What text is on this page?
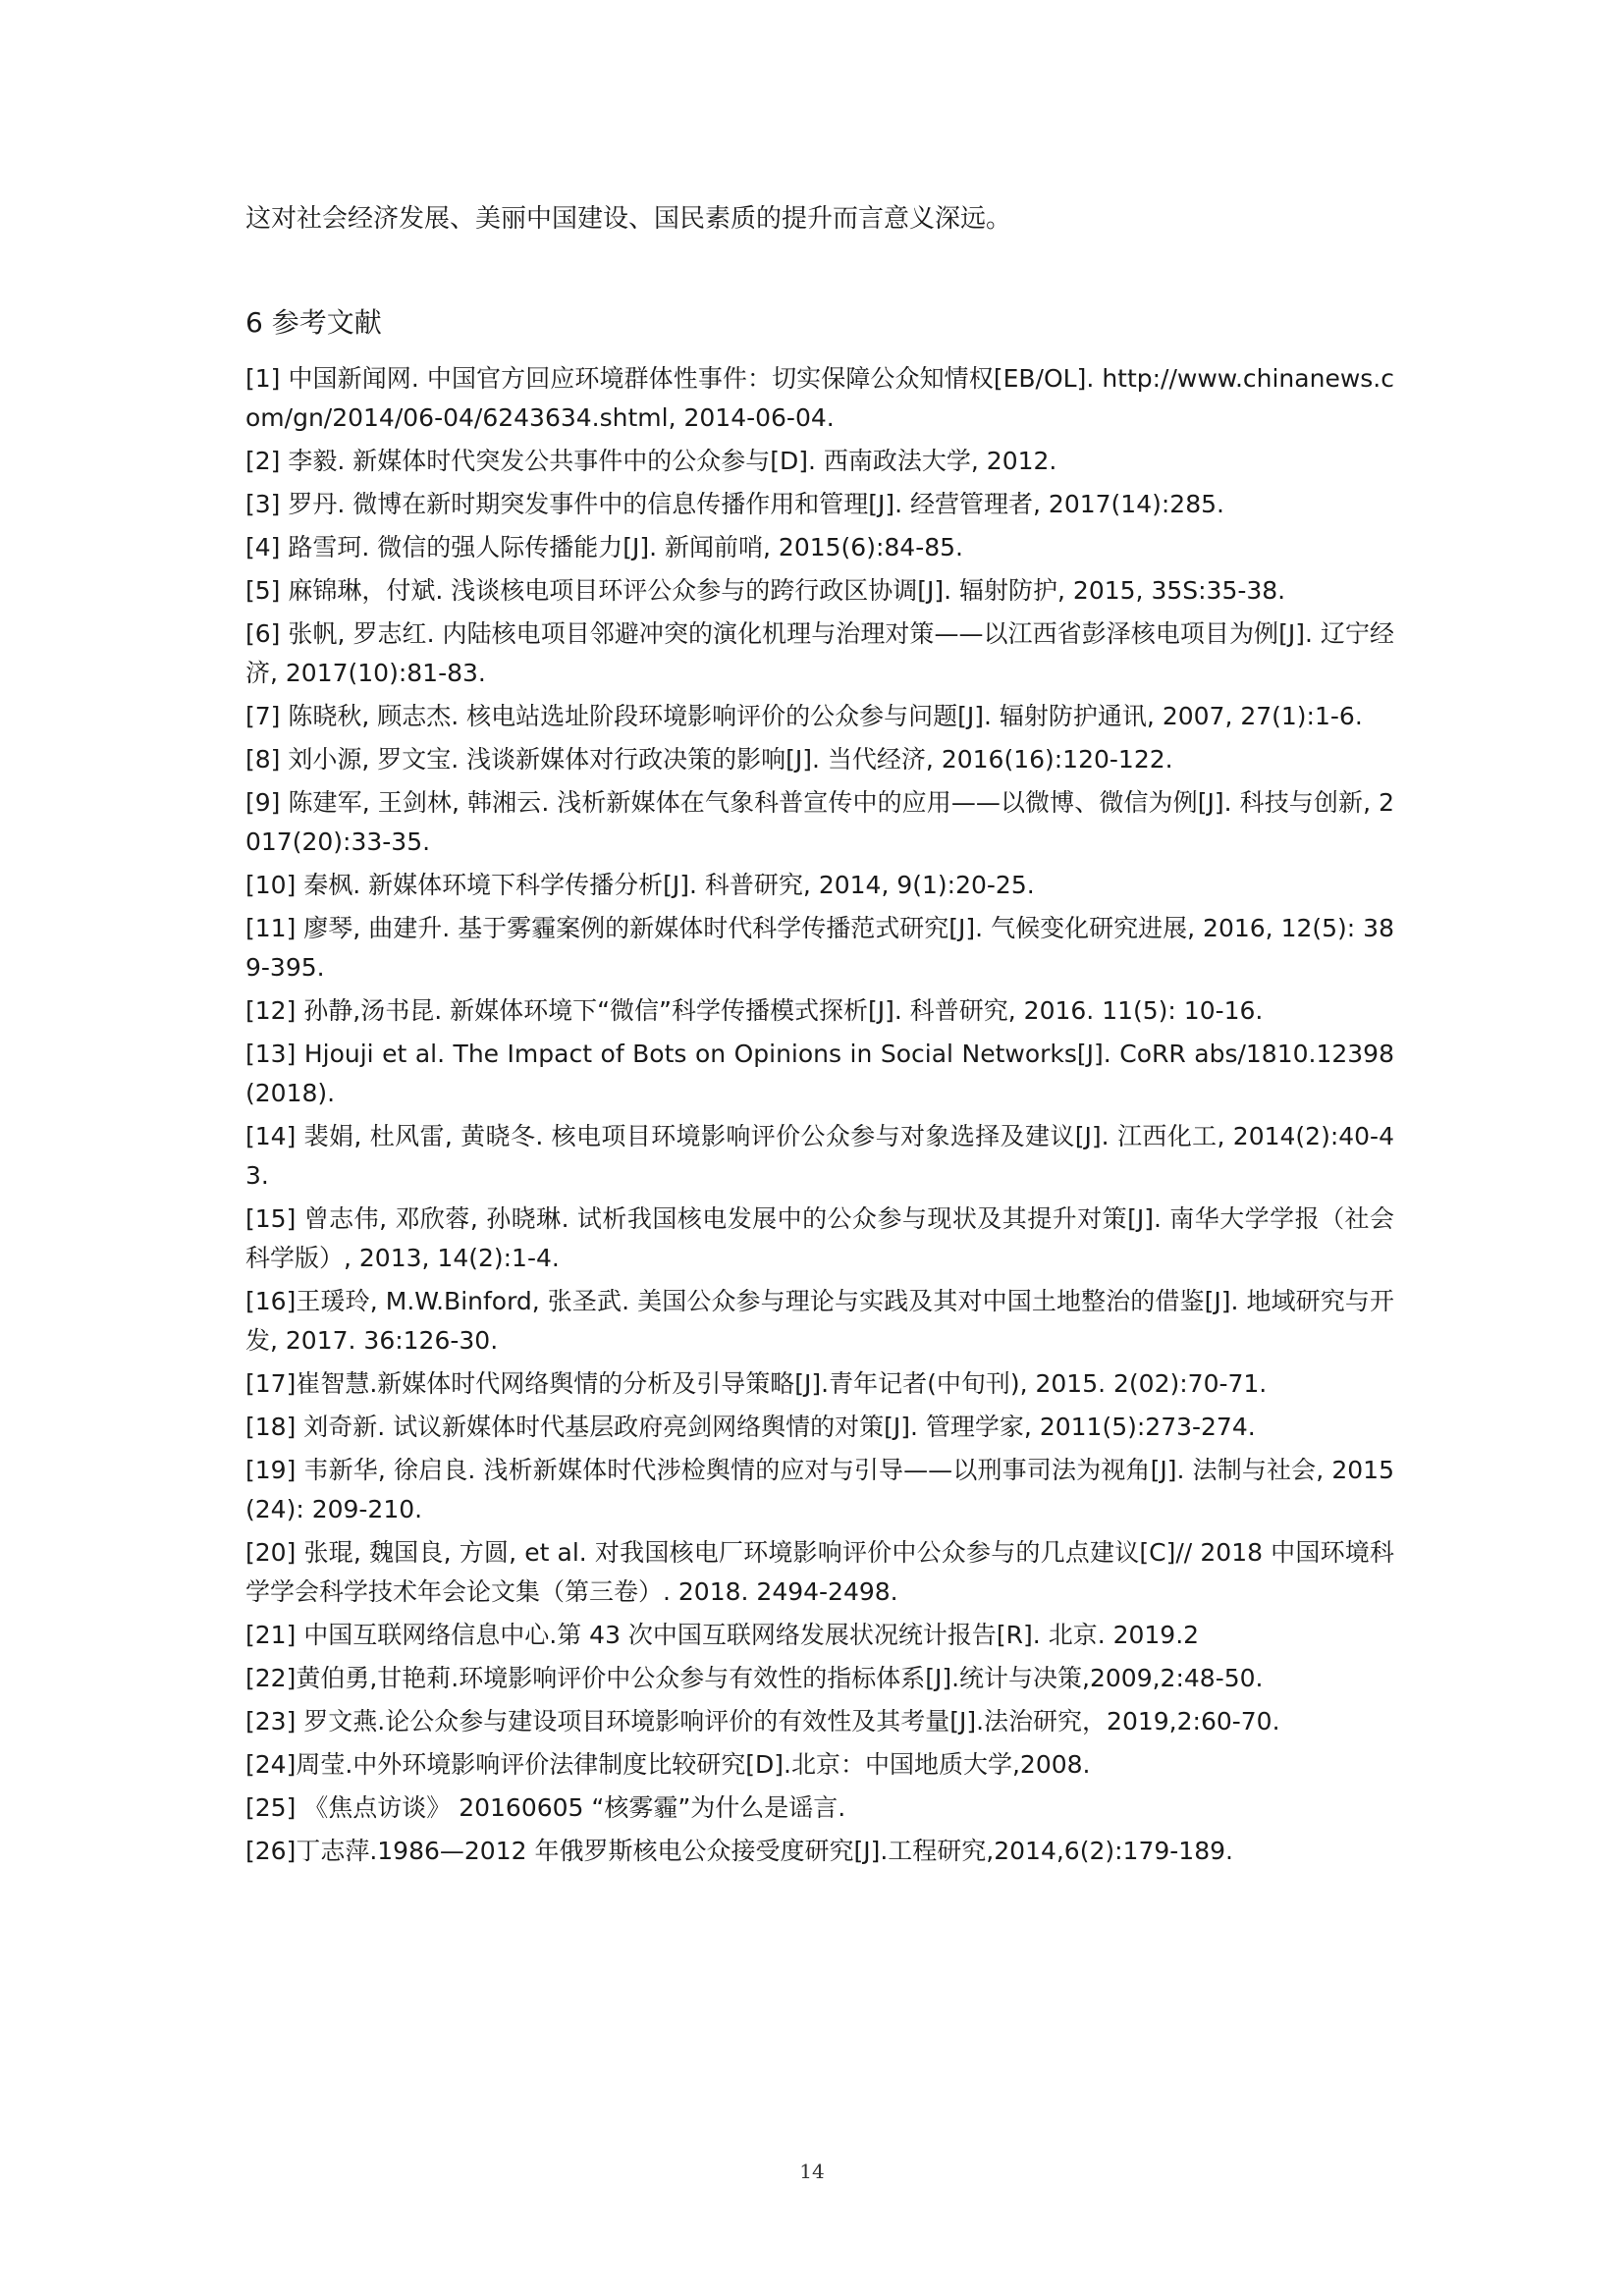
这对社会经济发展、美丽中国建设、国民素质的提升而言意义深远。

6 参考文献
[1] 中国新闻网. 中国官方回应环境群体性事件：切实保障公众知情权[EB/OL]. http://www.chinanews.com/gn/2014/06-04/6243634.shtml, 2014-06-04.
[2] 李毅. 新媒体时代突发公共事件中的公众参与[D]. 西南政法大学, 2012.
[3] 罗丹. 微博在新时期突发事件中的信息传播作用和管理[J]. 经营管理者, 2017(14):285.
[4] 路雪珂. 微信的强人际传播能力[J]. 新闻前哨, 2015(6):84-85.
[5] 麻锦琳，付斌. 浅谈核电项目环评公众参与的跨行政区协调[J]. 辐射防护, 2015, 35S:35-38.
[6] 张帆, 罗志红. 内陆核电项目邻避冲突的演化机理与治理对策——以江西省彭泽核电项目为例[J]. 辽宁经济, 2017(10):81-83.
[7] 陈晓秋, 顾志杰. 核电站选址阶段环境影响评价的公众参与问题[J]. 辐射防护通讯, 2007, 27(1):1-6.
[8] 刘小源, 罗文宝. 浅谈新媒体对行政决策的影响[J]. 当代经济, 2016(16):120-122.
[9] 陈建军, 王剑林, 韩湘云. 浅析新媒体在气象科普宣传中的应用——以微博、微信为例[J]. 科技与创新, 2017(20):33-35.
[10] 秦枫. 新媒体环境下科学传播分析[J]. 科普研究, 2014, 9(1):20-25.
[11] 廖琴, 曲建升. 基于雾霾案例的新媒体时代科学传播范式研究[J]. 气候变化研究进展, 2016, 12(5): 389-395.
[12] 孙静,汤书昆. 新媒体环境下“微信”科学传播模式探析[J]. 科普研究, 2016. 11(5): 10-16.
[13] Hjouji et al. The Impact of Bots on Opinions in Social Networks[J]. CoRR abs/1810.12398(2018).
[14] 裴娟, 杜风雷, 黄晓冬. 核电项目环境影响评价公众参与对象选择及建议[J]. 江西化工, 2014(2):40-43.
[15] 曾志伟, 邓欣蓉, 孙晓琳. 试析我国核电发展中的公众参与现状及其提升对策[J]. 南华大学学报（社会科学版）, 2013, 14(2):1-4.
[16]王瑗玲, M.W.Binford, 张圣武. 美国公众参与理论与实践及其对中国土地整治的借鉴[J]. 地域研究与开发, 2017. 36:126-30.
[17]崔智慧.新媒体时代网络舆情的分析及引导策略[J].青年记者(中旬刊), 2015. 2(02):70-71.
[18] 刘奇新. 试议新媒体时代基层政府亮剑网络舆情的对策[J]. 管理学家, 2011(5):273-274.
[19] 韦新华, 徐启良. 浅析新媒体时代涉检舆情的应对与引导——以刑事司法为视角[J]. 法制与社会, 2015(24): 209-210.
[20] 张琨, 魏国良, 方圆, et al. 对我国核电厂环境影响评价中公众参与的几点建议[C]// 2018 中国环境科学学会科学技术年会论文集（第三卷）. 2018. 2494-2498.
[21] 中国互联网络信息中心.第 43 次中国互联网络发展状况统计报告[R]. 北京. 2019.2
[22]黄伯勇,甘艳莉.环境影响评价中公众参与有效性的指标体系[J].统计与决策,2009,2:48-50.
[23] 罗文燕.论公众参与建设项目环境影响评价的有效性及其考量[J].法治研究，2019,2:60-70.
[24]周莹.中外环境影响评价法律制度比较研究[D].北京：中国地质大学,2008.
[25] 《焦点访谈》 20160605 “核雾霾”为什么是谣言.
[26]丁志萍.1986—2012 年俄罗斯核电公众接受度研究[J].工程研究,2014,6(2):179-189.
14
